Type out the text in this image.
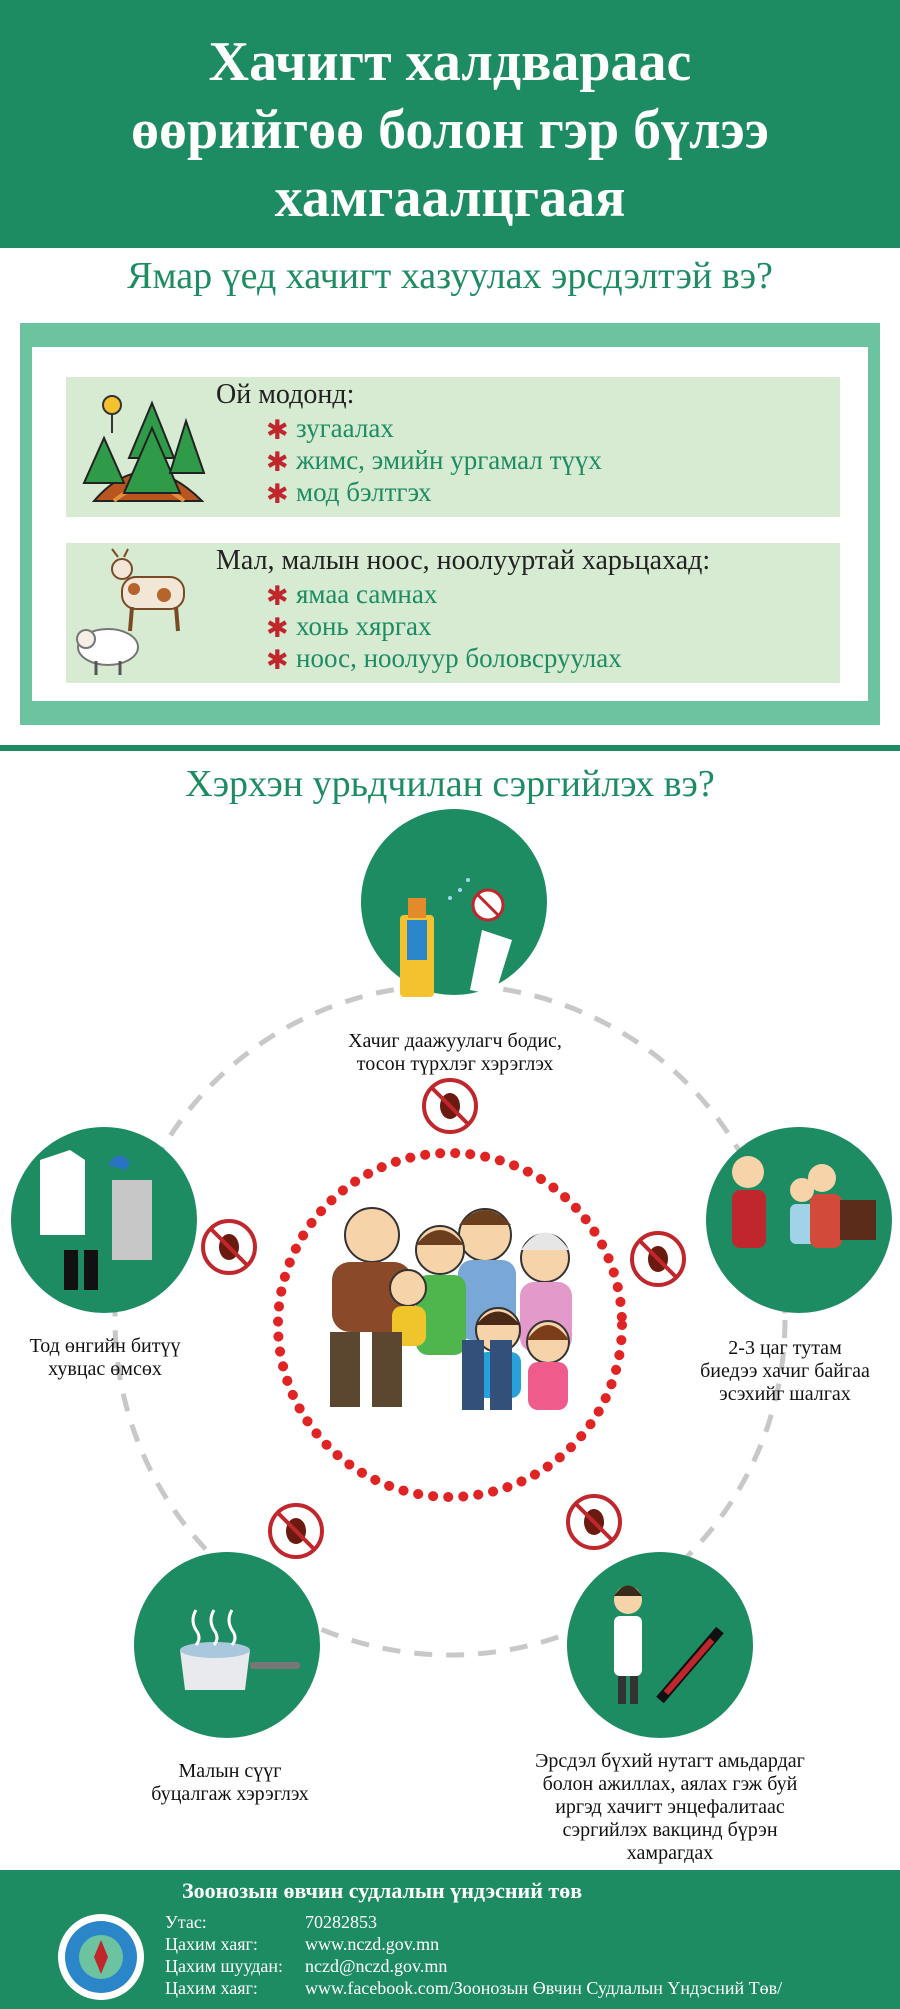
Хачигт халдвараас
өөрийгөө болон гэр бүлээ
хамгаалцгаая
Ямар үед хачигт хазуулах эрсдэлтэй вэ?
Ой модонд:
✱ зугаалах
✱ жимс, эмийн ургамал түүх
✱ мод бэлтгэх
Мал, малын ноос, ноолууртай харьцахад:
✱ ямаа самнах
✱ хонь хяргах
✱ ноос, ноолуур боловсруулах
Хэрхэн урьдчилан сэргийлэх вэ?
Хачиг даажуулагч бодис,
тосон түрхлэг хэрэглэх
Тод өнгийн битүү
хувцас өмсөх
2-3 цаг тутам
биедээ хачиг байгаа
эсэхийг шалгах
Малын сүүг
буцалгаж хэрэглэх
Эрсдэл бүхий нутагт амьдардаг
болон ажиллах, аялах гэж буй
иргэд хачигт энцефалитаас
сэргийлэх вакцинд бүрэн
хамрагдах
Зоонозын өвчин судлалын үндэсний төв
Утас:	70282853
Цахим хаяг:	www.nczd.gov.mn
Цахим шуудан: nczd@nczd.gov.mn
Цахим хаяг:	www.facebook.com/Зоонозын Өвчин Судлалын Үндэсний Төв/
